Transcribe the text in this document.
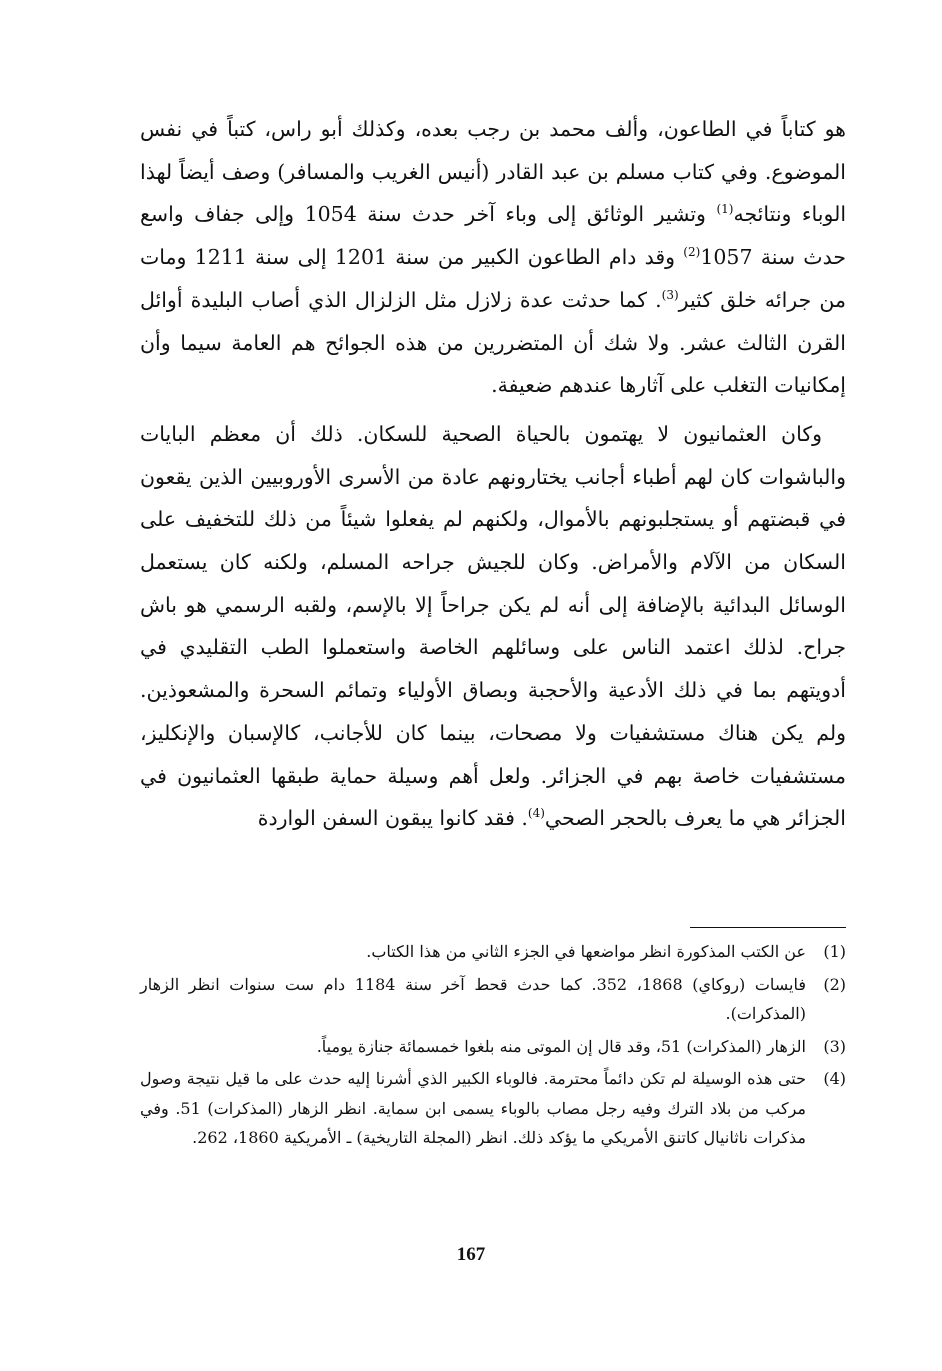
هو كتاباً في الطاعون، وألف محمد بن رجب بعده، وكذلك أبو راس، كتباً في نفس الموضوع. وفي كتاب مسلم بن عبد القادر (أنيس الغريب والمسافر) وصف أيضاً لهذا الوباء ونتائجه$^{(1)}$ وتشير الوثائق إلى وباء آخر حدث سنة 1054 وإلى جفاف واسع حدث سنة 1057$^{(2)}$ وقد دام الطاعون الكبير من سنة 1201 إلى سنة 1211 ومات من جرائه خلق كثير$^{(3)}$. كما حدثت عدة زلازل مثل الزلزال الذي أصاب البليدة أوائل القرن الثالث عشر. ولا شك أن المتضررين من هذه الجوائح هم العامة سيما وأن إمكانيات التغلب على آثارها عندهم ضعيفة.

وكان العثمانيون لا يهتمون بالحياة الصحية للسكان. ذلك أن معظم البايات والباشوات كان لهم أطباء أجانب يختارونهم عادة من الأسرى الأوروبيين الذين يقعون في قبضتهم أو يستجلبونهم بالأموال، ولكنهم لم يفعلوا شيئاً من ذلك للتخفيف على السكان من الآلام والأمراض. وكان للجيش جراحه المسلم، ولكنه كان يستعمل الوسائل البدائية بالإضافة إلى أنه لم يكن جراحاً إلا بالإسم، ولقبه الرسمي هو باش جراح. لذلك اعتمد الناس على وسائلهم الخاصة واستعملوا الطب التقليدي في أدويتهم بما في ذلك الأدعية والأحجبة وبصاق الأولياء وتمائم السحرة والمشعوذين. ولم يكن هناك مستشفيات ولا مصحات، بينما كان للأجانب، كالإسبان والإنكليز، مستشفيات خاصة بهم في الجزائر. ولعل أهم وسيلة حماية طبقها العثمانيون في الجزائر هي ما يعرف بالحجر الصحي$^{(4)}$. فقد كانوا يبقون السفن الواردة

(1)
عن الكتب المذكورة انظر مواضعها في الجزء الثاني من هذا الكتاب.
(2)
فايسات (روكاي) 1868، 352. كما حدث قحط آخر سنة 1184 دام ست سنوات انظر الزهار (المذكرات).
(3)
الزهار (المذكرات) 51، وقد قال إن الموتى منه بلغوا خمسمائة جنازة يومياً.
(4)
حتى هذه الوسيلة لم تكن دائماً محترمة. فالوباء الكبير الذي أشرنا إليه حدث على ما قيل نتيجة وصول مركب من بلاد الترك وفيه رجل مصاب بالوباء يسمى ابن سماية. انظر الزهار (المذكرات) 51. وفي مذكرات ناثانيال كاتنق الأمريكي ما يؤكد ذلك. انظر (المجلة التاريخية) ـ الأمريكية 1860، 262.
167
